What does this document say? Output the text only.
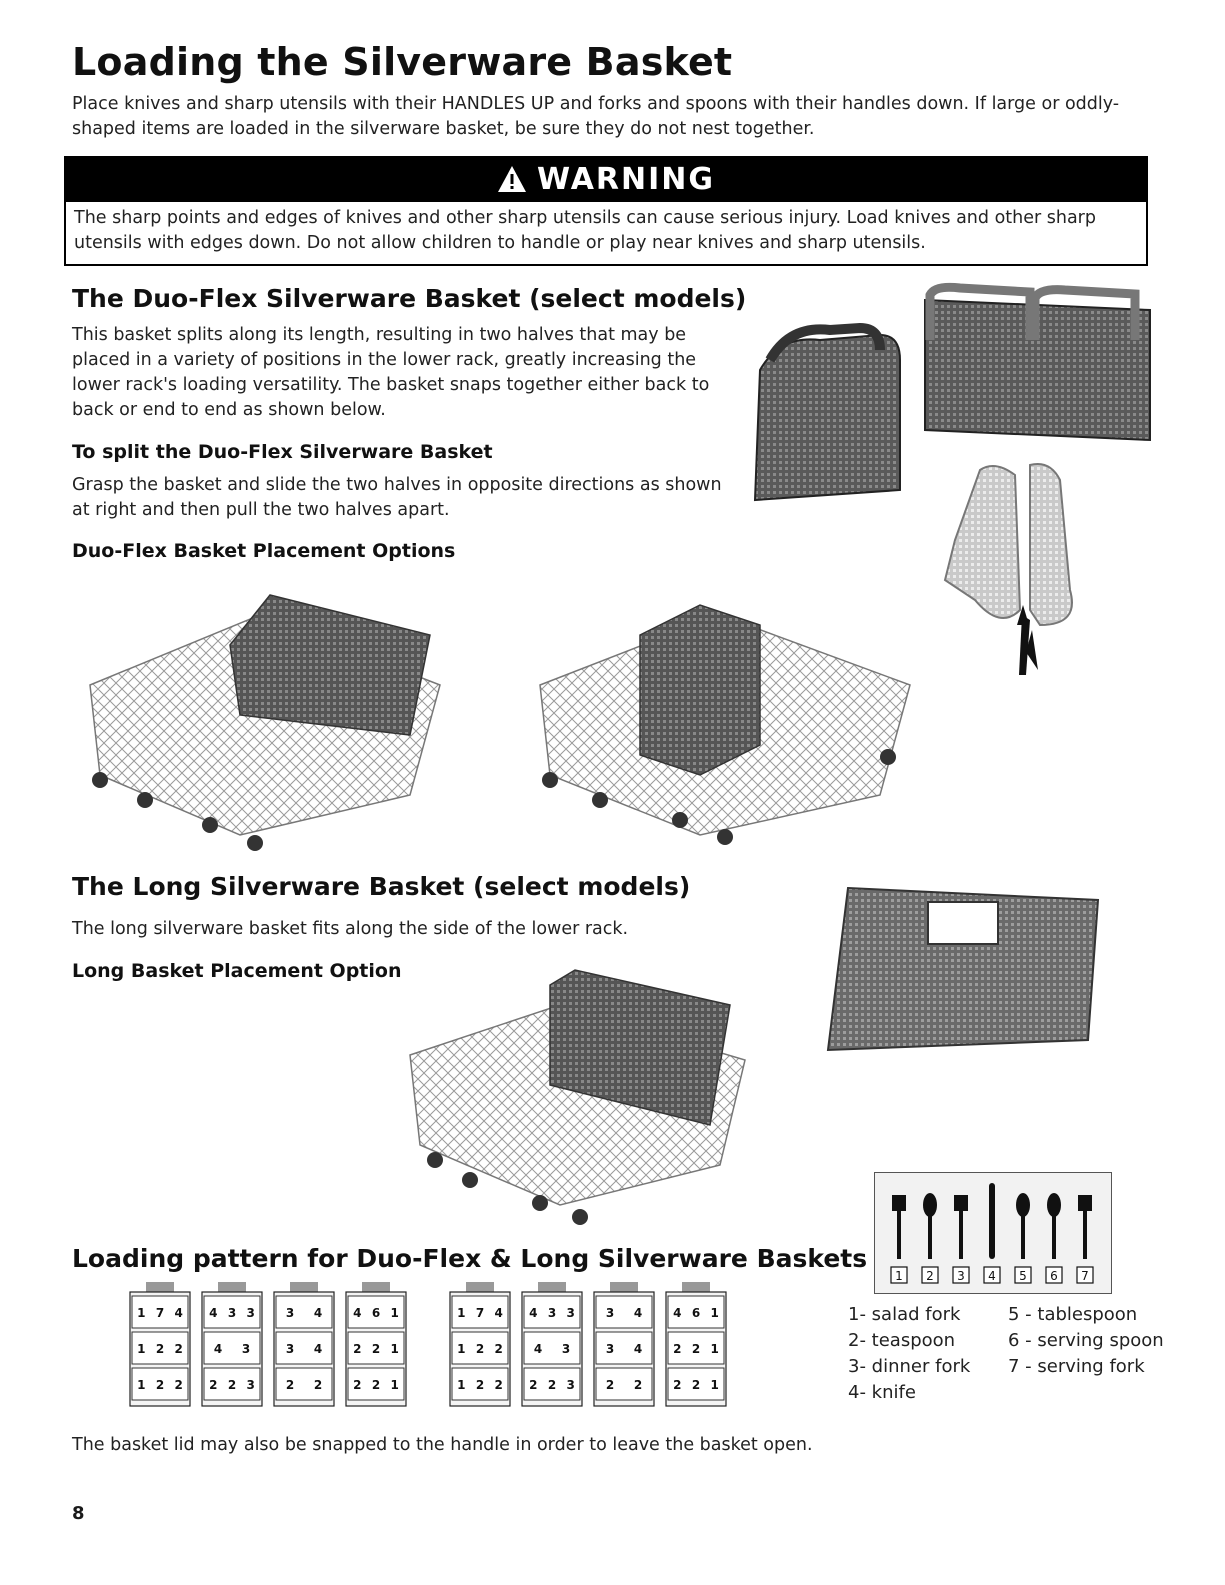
Loading the Silverware Basket

Place knives and sharp utensils with their HANDLES UP and forks and spoons with their handles down. If large or oddly-shaped items are loaded in the silverware basket, be sure they do not nest together.

WARNING

The sharp points and edges of knives and other sharp utensils can cause serious injury. Load knives and other sharp utensils with edges down. Do not allow children to handle or play near knives and sharp utensils.

The Duo-Flex Silverware Basket (select models)

This basket splits along its length, resulting in two halves that may be placed in a variety of positions in the lower rack, greatly increasing the lower rack's loading versatility. The basket snaps together either back to back or end to end as shown below.

To split the Duo-Flex Silverware Basket

Grasp the basket and slide the two halves in opposite directions as shown at right and then pull the two halves apart.

Duo-Flex Basket Placement Options
The Long Silverware Basket (select models)

The long silverware basket fits along the side of the lower rack.

Long Basket Placement Option
Loading pattern for Duo-Flex & Long Silverware Baskets
1 2 3 4 5 6 7
1 7 4
1 2 2
1 2 2
4 3 3
4 3
2 2 3
3 4
3 4
2 2
4 6 1
2 2 1
2 2 1
1 7 4
1 2 2
1 2 2
4 3 3
4 3
2 2 3
3 4
3 4
2 2
4 6 1
2 2 1
2 2 1
1- salad fork
2- teaspoon
3- dinner fork
4- knife
5 - tablespoon
6 - serving spoon
7 - serving fork

The basket lid may also be snapped to the handle in order to leave the basket open.

8
